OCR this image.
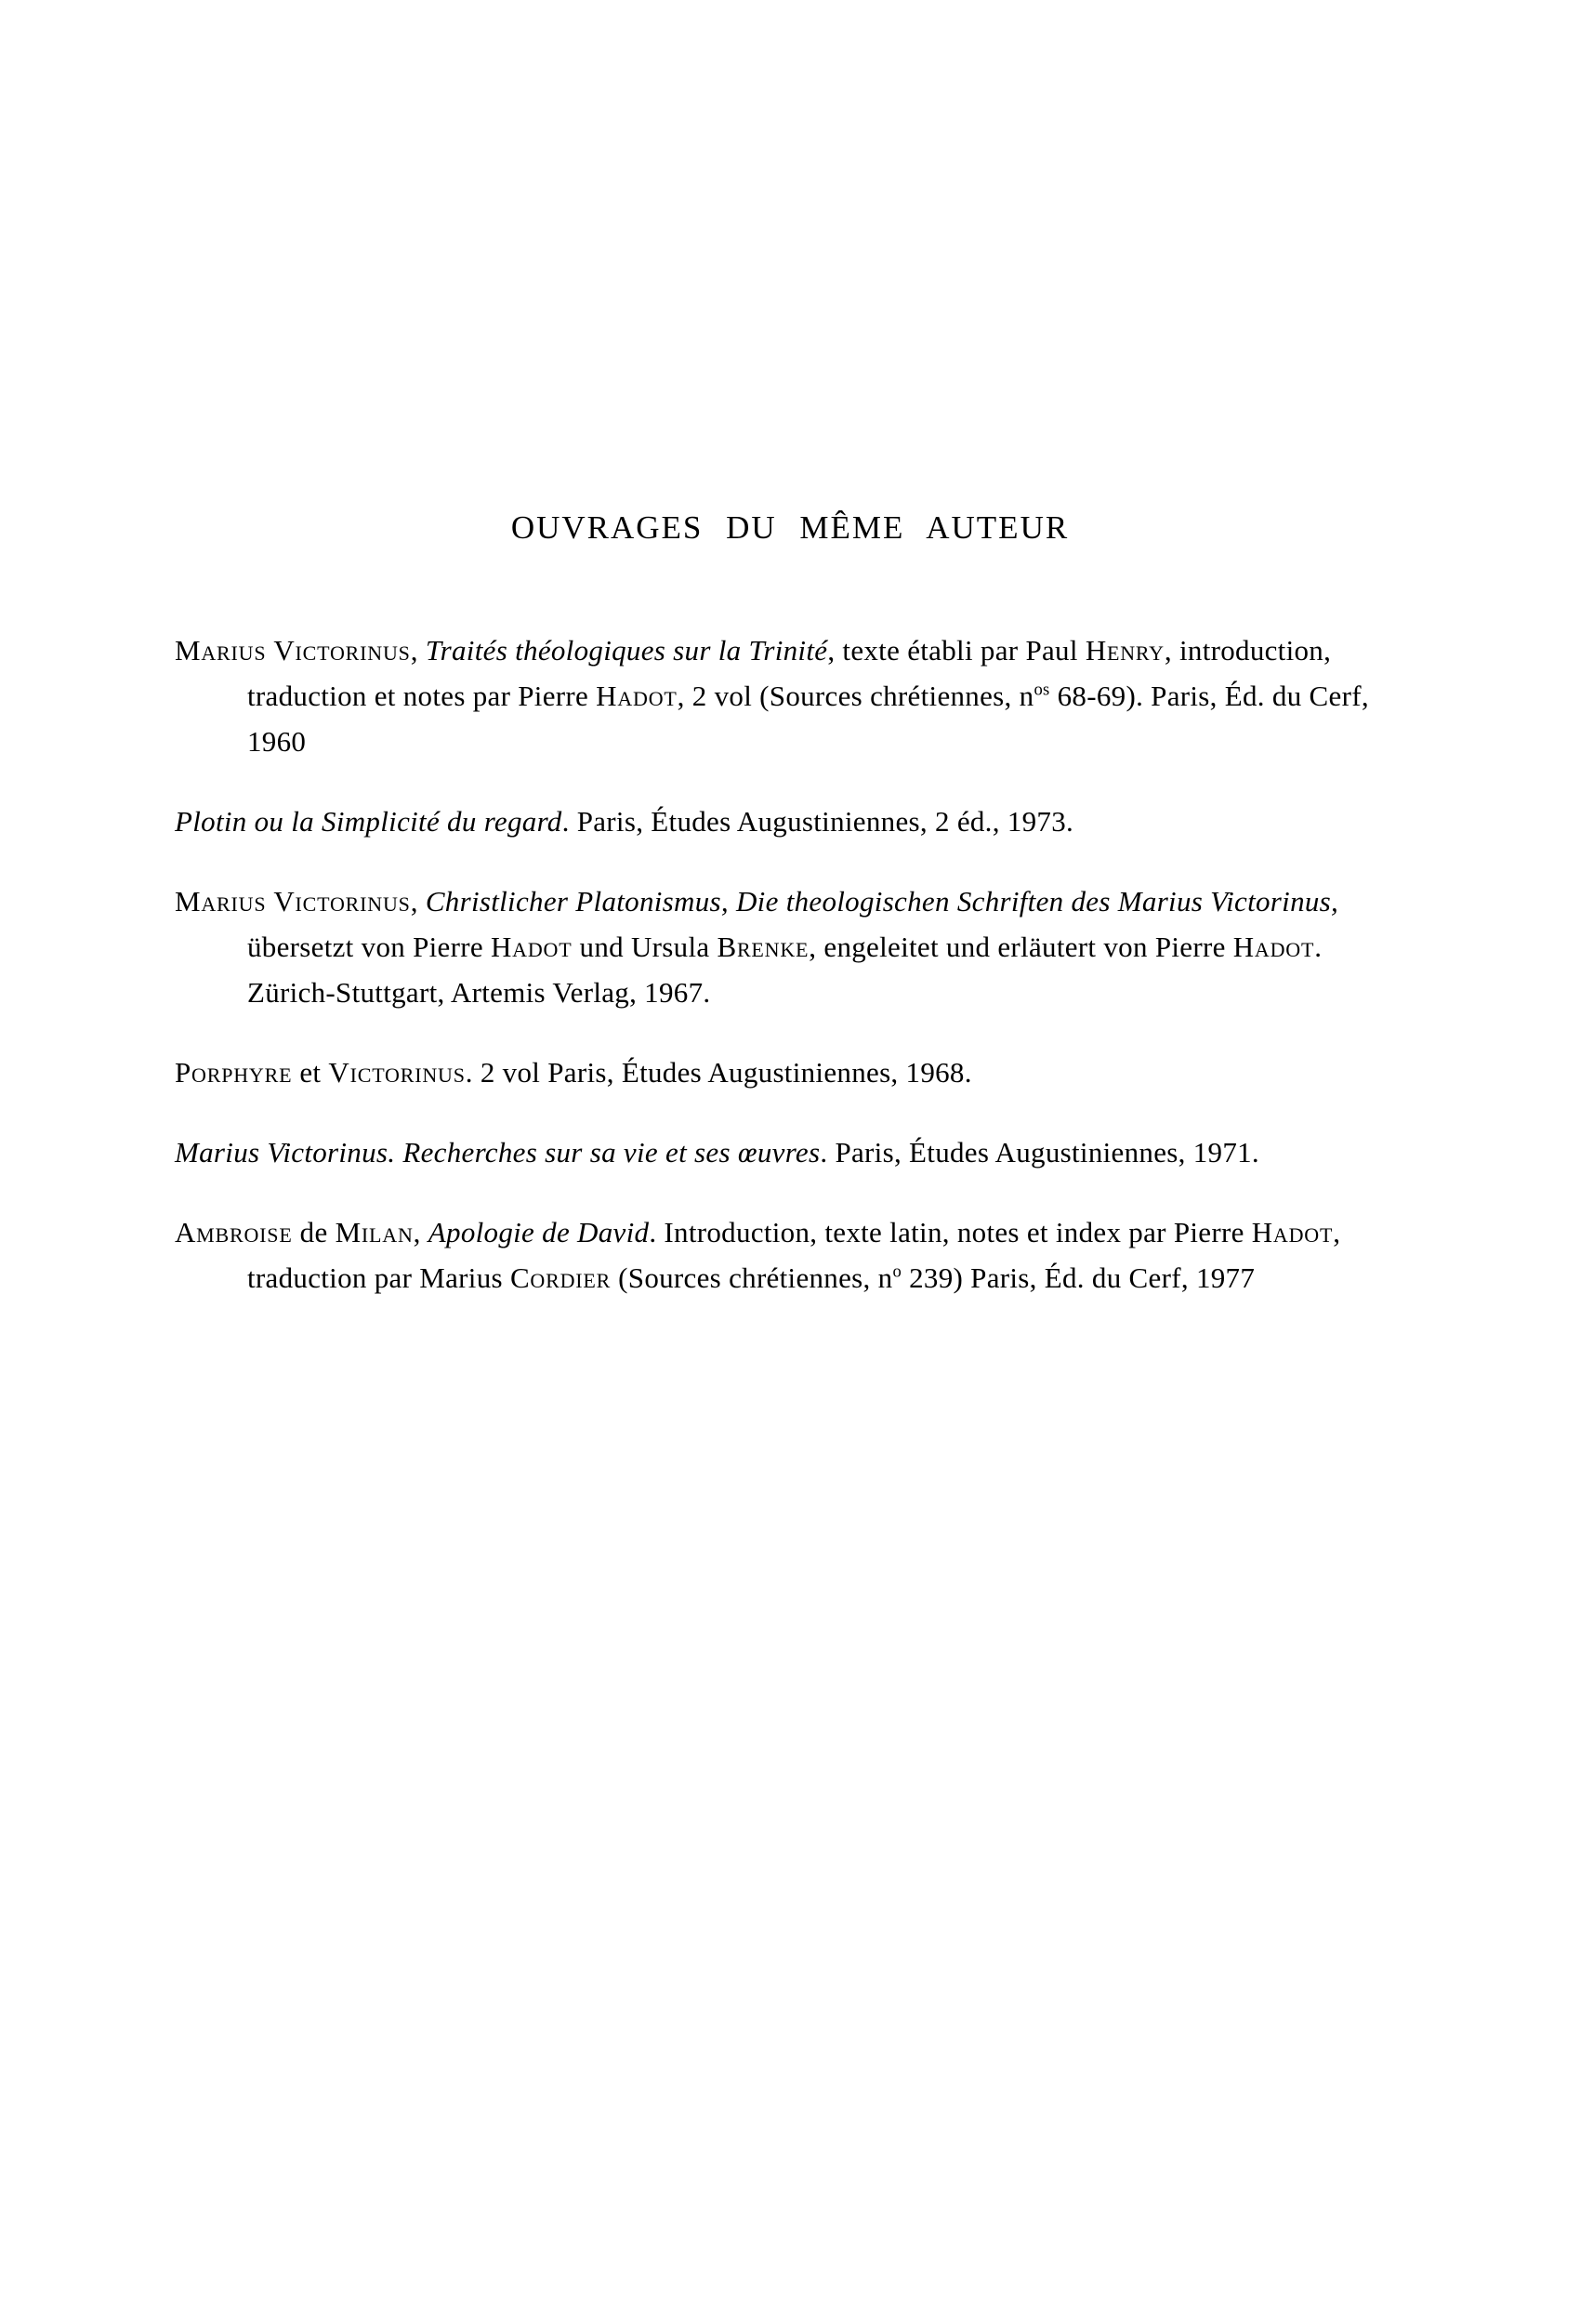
OUVRAGES DU MÊME AUTEUR

Marius Victorinus, Traités théologiques sur la Trinité, texte établi par Paul Henry, introduction, traduction et notes par Pierre Hadot, 2 vol (Sources chrétiennes, $n^{os}$ 68-69). Paris, Éd. du Cerf, 1960

Plotin ou la Simplicité du regard. Paris, Études Augustiniennes, 2 éd., 1973.

Marius Victorinus, Christlicher Platonismus, Die theologischen Schriften des Marius Victorinus, übersetzt von Pierre Hadot und Ursula Brenke, engeleitet und erläutert von Pierre Hadot. Zürich-Stuttgart, Artemis Verlag, 1967.

Porphyre et Victorinus. 2 vol Paris, Études Augustiniennes, 1968.

Marius Victorinus. Recherches sur sa vie et ses œuvres. Paris, Études Augustiniennes, 1971.

Ambroise de Milan, Apologie de David. Introduction, texte latin, notes et index par Pierre Hadot, traduction par Marius Cordier (Sources chrétiennes, $n^o$ 239) Paris, Éd. du Cerf, 1977
